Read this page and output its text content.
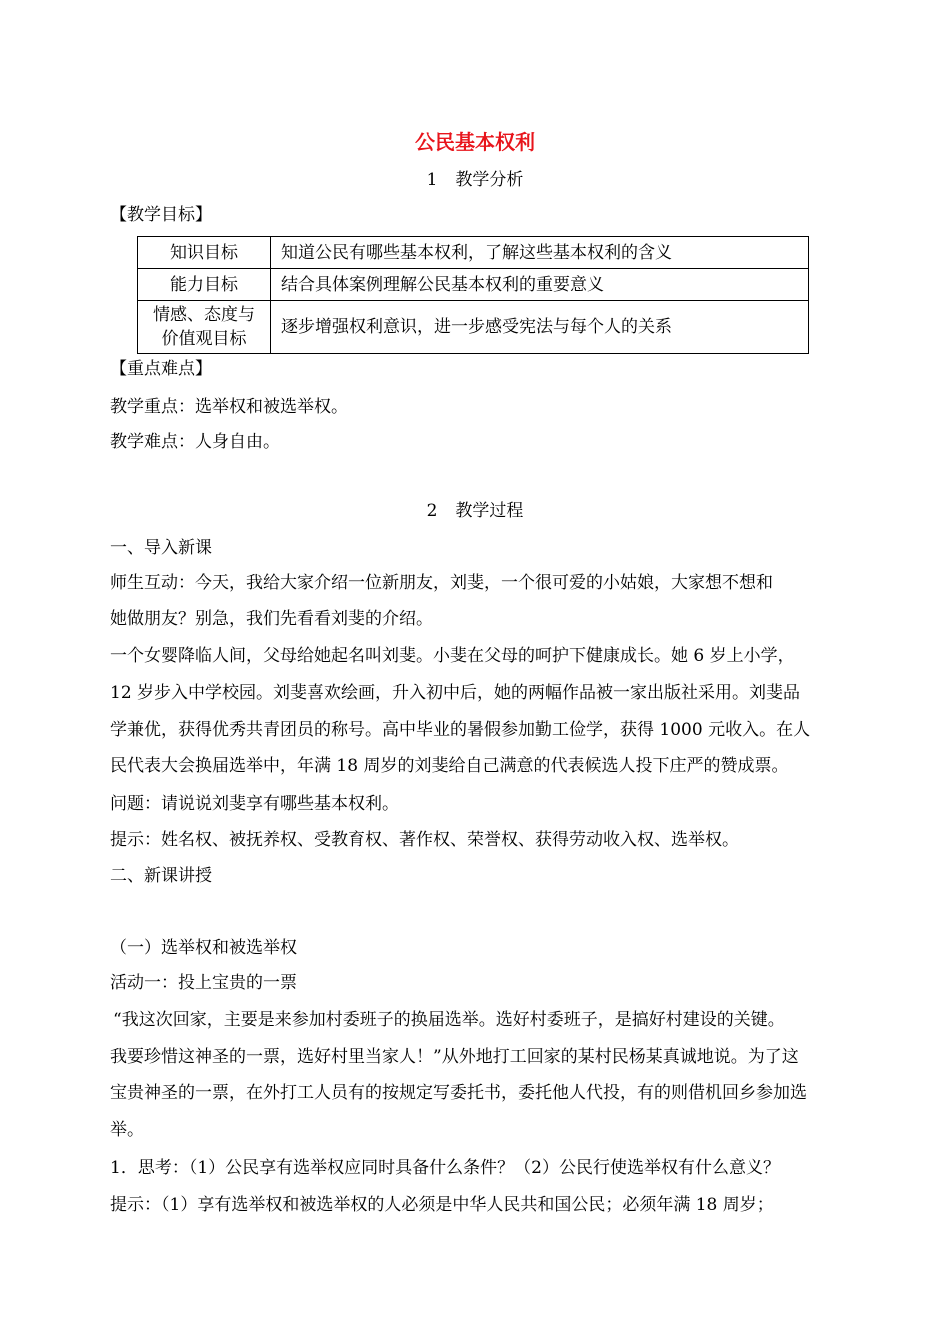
公民基本权利
1 教学分析
【教学目标】
知识目标	知道公民有哪些基本权利，了解这些基本权利的含义
能力目标	结合具体案例理解公民基本权利的重要意义

情感、态度与
价值观目标	逐步增强权利意识，进一步感受宪法与每个人的关系
【重点难点】
教学重点：选举权和被选举权。
教学难点：人身自由。
2 教学过程
一、导入新课
师生互动：今天，我给大家介绍一位新朋友，刘斐，一个很可爱的小姑娘，大家想不想和
她做朋友？别急，我们先看看刘斐的介绍。
一个女婴降临人间，父母给她起名叫刘斐。小斐在父母的呵护下健康成长。她 6 岁上小学，
12 岁步入中学校园。刘斐喜欢绘画，升入初中后，她的两幅作品被一家出版社采用。刘斐品
学兼优，获得优秀共青团员的称号。高中毕业的暑假参加勤工俭学，获得 1000 元收入。在人
民代表大会换届选举中，年满 18 周岁的刘斐给自己满意的代表候选人投下庄严的赞成票。
问题：请说说刘斐享有哪些基本权利。
提示：姓名权、被抚养权、受教育权、著作权、荣誉权、获得劳动收入权、选举权。
二、新课讲授
（一）选举权和被选举权
活动一：投上宝贵的一票
“我这次回家，主要是来参加村委班子的换届选举。选好村委班子，是搞好村建设的关键。
我要珍惜这神圣的一票，选好村里当家人！”从外地打工回家的某村民杨某真诚地说。为了这
宝贵神圣的一票，在外打工人员有的按规定写委托书，委托他人代投，有的则借机回乡参加选
举。
1．思考：（1）公民享有选举权应同时具备什么条件？（2）公民行使选举权有什么意义？
提示：（1）享有选举权和被选举权的人必须是中华人民共和国公民；必须年满 18 周岁；
